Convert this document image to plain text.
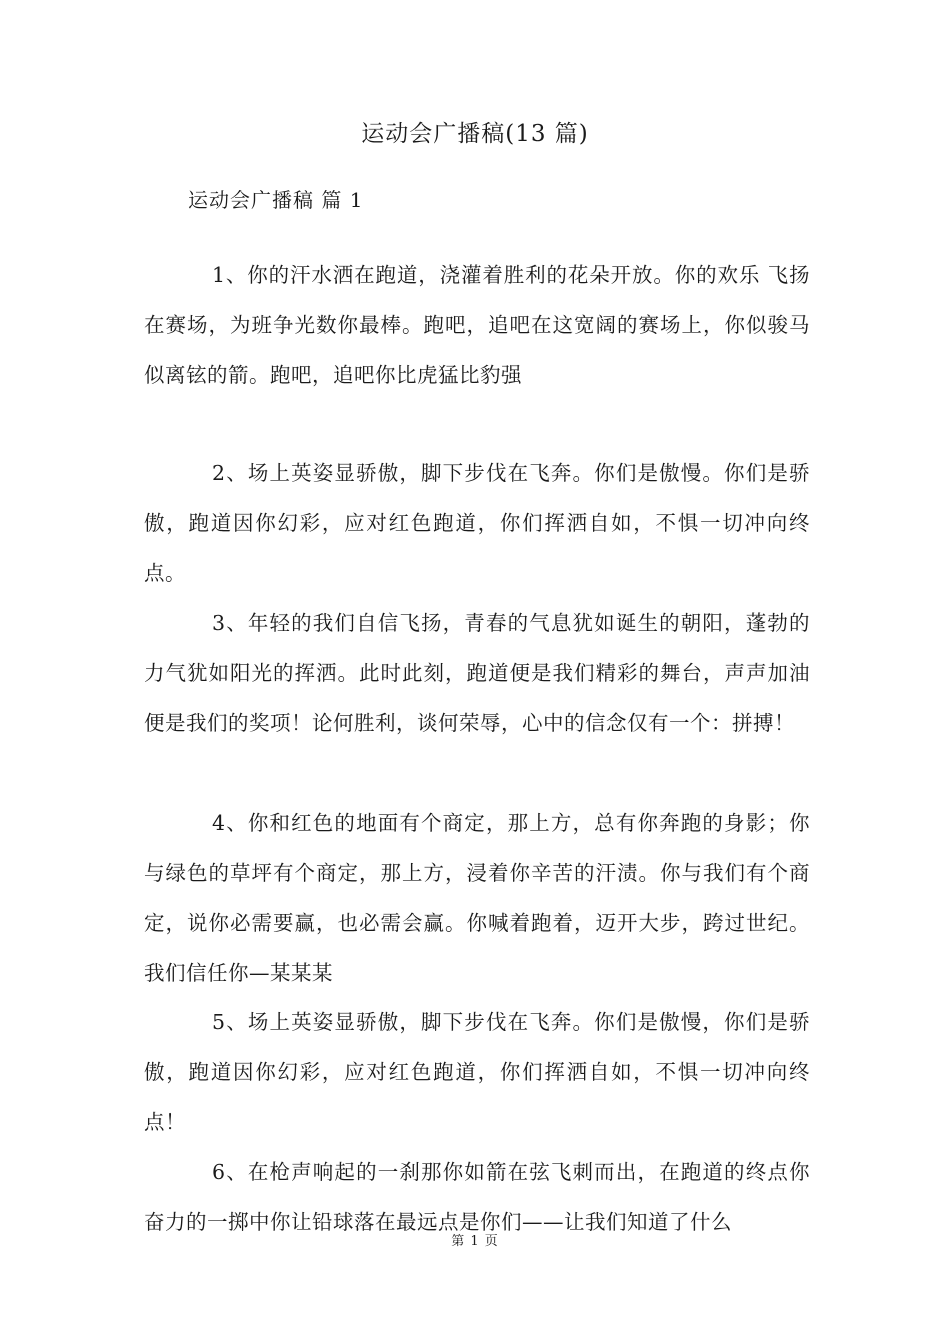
运动会广播稿(13 篇)
运动会广播稿 篇 1

1、你的汗水洒在跑道，浇灌着胜利的花朵开放。你的欢乐 飞扬在赛场，为班争光数你最棒。跑吧，追吧在这宽阔的赛场上，你似骏马似离铉的箭。跑吧，追吧你比虎猛比豹强

2、场上英姿显骄傲，脚下步伐在飞奔。你们是傲慢。你们是骄傲，跑道因你幻彩，应对红色跑道，你们挥洒自如，不惧一切冲向终点。

3、年轻的我们自信飞扬，青春的气息犹如诞生的朝阳，蓬勃的力气犹如阳光的挥洒。此时此刻，跑道便是我们精彩的舞台，声声加油便是我们的奖项！论何胜利，谈何荣辱，心中的信念仅有一个：拼搏！

4、你和红色的地面有个商定，那上方，总有你奔跑的身影；你与绿色的草坪有个商定，那上方，浸着你辛苦的汗渍。你与我们有个商定，说你必需要赢，也必需会赢。你喊着跑着，迈开大步，跨过世纪。我们信任你—某某某

5、场上英姿显骄傲，脚下步伐在飞奔。你们是傲慢，你们是骄傲，跑道因你幻彩，应对红色跑道，你们挥洒自如，不惧一切冲向终点！

6、在枪声响起的一刹那你如箭在弦飞刺而出，在跑道的终点你奋力的一掷中你让铅球落在最远点是你们——让我们知道了什么

第 1 页
